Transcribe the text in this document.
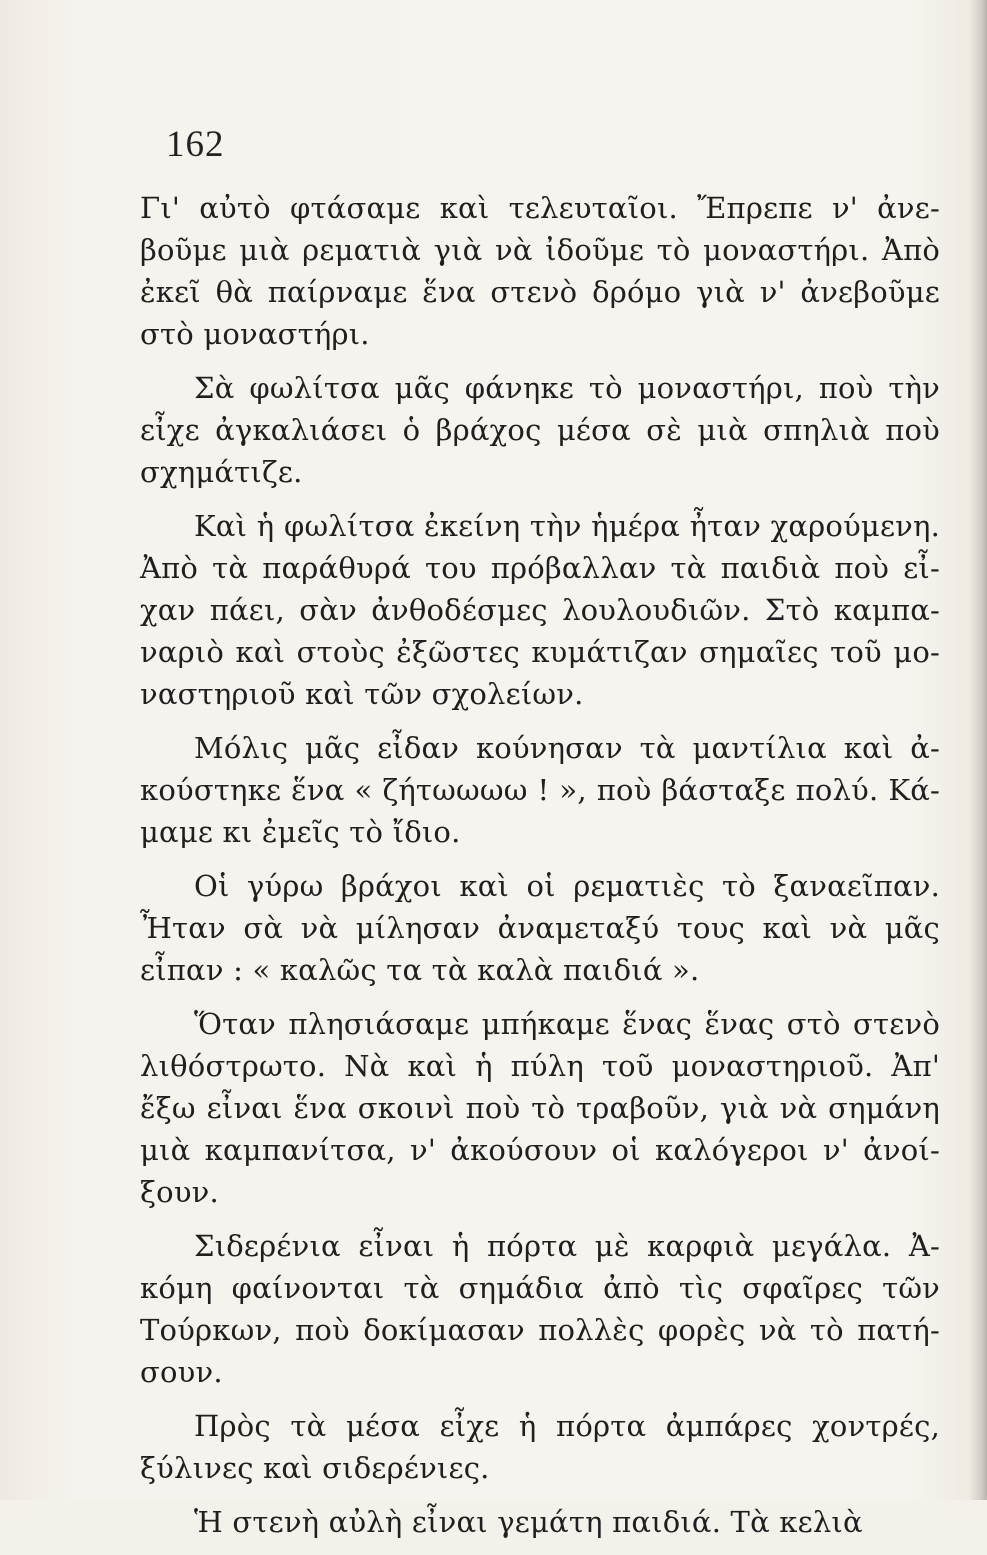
162
Γι' αὐτὸ φτάσαμε καὶ τελευταῖοι. Ἔπρεπε ν' ἀνε-
βοῦμε μιὰ ρεματιὰ γιὰ νὰ ἰδοῦμε τὸ μοναστήρι. Ἀπὸ
ἐκεῖ θὰ παίρναμε ἕνα στενὸ δρόμο γιὰ ν' ἀνεβοῦμε
στὸ μοναστήρι.
Σὰ φωλίτσα μᾶς φάνηκε τὸ μοναστήρι, ποὺ τὴν
εἶχε ἀγκαλιάσει ὁ βράχος μέσα σὲ μιὰ σπηλιὰ ποὺ
σχημάτιζε.
Καὶ ἡ φωλίτσα ἐκείνη τὴν ἡμέρα ἦταν χαρούμενη.
Ἀπὸ τὰ παράθυρά του πρόβαλλαν τὰ παιδιὰ ποὺ εἶ-
χαν πάει, σὰν ἀνθοδέσμες λουλουδιῶν. Στὸ καμπα-
ναριὸ καὶ στοὺς ἐξῶστες κυμάτιζαν σημαῖες τοῦ μο-
ναστηριοῦ καὶ τῶν σχολείων.
Μόλις μᾶς εἶδαν κούνησαν τὰ μαντίλια καὶ ἀ-
κούστηκε ἕνα « ζήτωωωω ! », ποὺ βάσταξε πολύ. Κά-
μαμε κι ἐμεῖς τὸ ἴδιο.
Οἱ γύρω βράχοι καὶ οἱ ρεματιὲς τὸ ξαναεῖπαν.
Ἦταν σὰ νὰ μίλησαν ἀναμεταξύ τους καὶ νὰ μᾶς
εἶπαν : « καλῶς τα τὰ καλὰ παιδιά ».
Ὅταν πλησιάσαμε μπήκαμε ἕνας ἕνας στὸ στενὸ
λιθόστρωτο. Νὰ καὶ ἡ πύλη τοῦ μοναστηριοῦ. Ἀπ'
ἔξω εἶναι ἕνα σκοινὶ ποὺ τὸ τραβοῦν, γιὰ νὰ σημάνη
μιὰ καμπανίτσα, ν' ἀκούσουν οἱ καλόγεροι ν' ἀνοί-
ξουν.
Σιδερένια εἶναι ἡ πόρτα μὲ καρφιὰ μεγάλα. Ἀ-
κόμη φαίνονται τὰ σημάδια ἀπὸ τὶς σφαῖρες τῶν
Τούρκων, ποὺ δοκίμασαν πολλὲς φορὲς νὰ τὸ πατή-
σουν.
Πρὸς τὰ μέσα εἶχε ἡ πόρτα ἀμπάρες χοντρές,
ξύλινες καὶ σιδερένιες.
Ἡ στενὴ αὐλὴ εἶναι γεμάτη παιδιά. Τὰ κελιὰ
